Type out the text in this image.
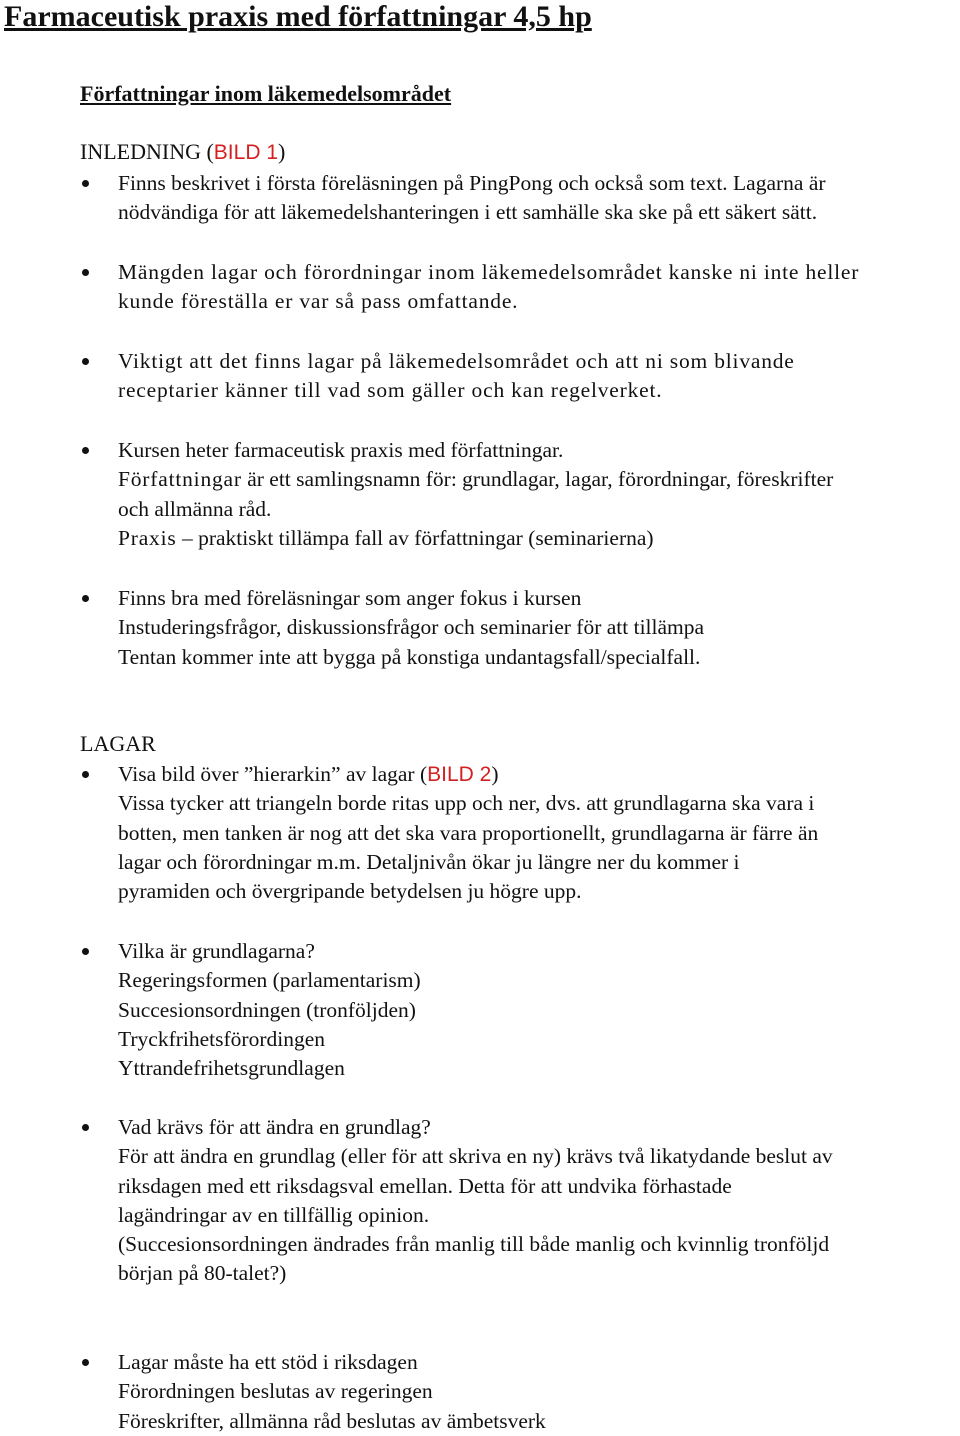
Farmaceutisk praxis med författningar 4,5 hp
Författningar inom läkemedelsområdet
INLEDNING (BILD 1)
Finns beskrivet i första föreläsningen på PingPong och också som text. Lagarna är
nödvändiga för att läkemedelshanteringen i ett samhälle ska ske på ett säkert sätt.
Mängden lagar och förordningar inom läkemedelsområdet kanske ni inte heller
kunde föreställa er var så pass omfattande.
Viktigt att det finns lagar på läkemedelsområdet och att ni som blivande
receptarier känner till vad som gäller och kan regelverket.
Kursen heter farmaceutisk praxis med författningar.
Författningar är ett samlingsnamn för: grundlagar, lagar, förordningar, föreskrifter
och allmänna råd.
Praxis – praktiskt tillämpa fall av författningar (seminarierna)
Finns bra med föreläsningar som anger fokus i kursen
Instuderingsfrågor, diskussionsfrågor och seminarier för att tillämpa
Tentan kommer inte att bygga på konstiga undantagsfall/specialfall.
LAGAR
Visa bild över ”hierarkin” av lagar (BILD 2)
Vissa tycker att triangeln borde ritas upp och ner, dvs. att grundlagarna ska vara i
botten, men tanken är nog att det ska vara proportionellt, grundlagarna är färre än
lagar och förordningar m.m. Detaljnivån ökar ju längre ner du kommer i
pyramiden och övergripande betydelsen ju högre upp.
Vilka är grundlagarna?
Regeringsformen (parlamentarism)
Succesionsordningen (tronföljden)
Tryckfrihetsförordingen
Yttrandefrihetsgrundlagen
Vad krävs för att ändra en grundlag?
För att ändra en grundlag (eller för att skriva en ny) krävs två likatydande beslut av
riksdagen med ett riksdagsval emellan. Detta för att undvika förhastade
lagändringar av en tillfällig opinion.
(Succesionsordningen ändrades från manlig till både manlig och kvinnlig tronföljd
början på 80-talet?)
Lagar måste ha ett stöd i riksdagen
Förordningen beslutas av regeringen
Föreskrifter, allmänna råd beslutas av ämbetsverk
